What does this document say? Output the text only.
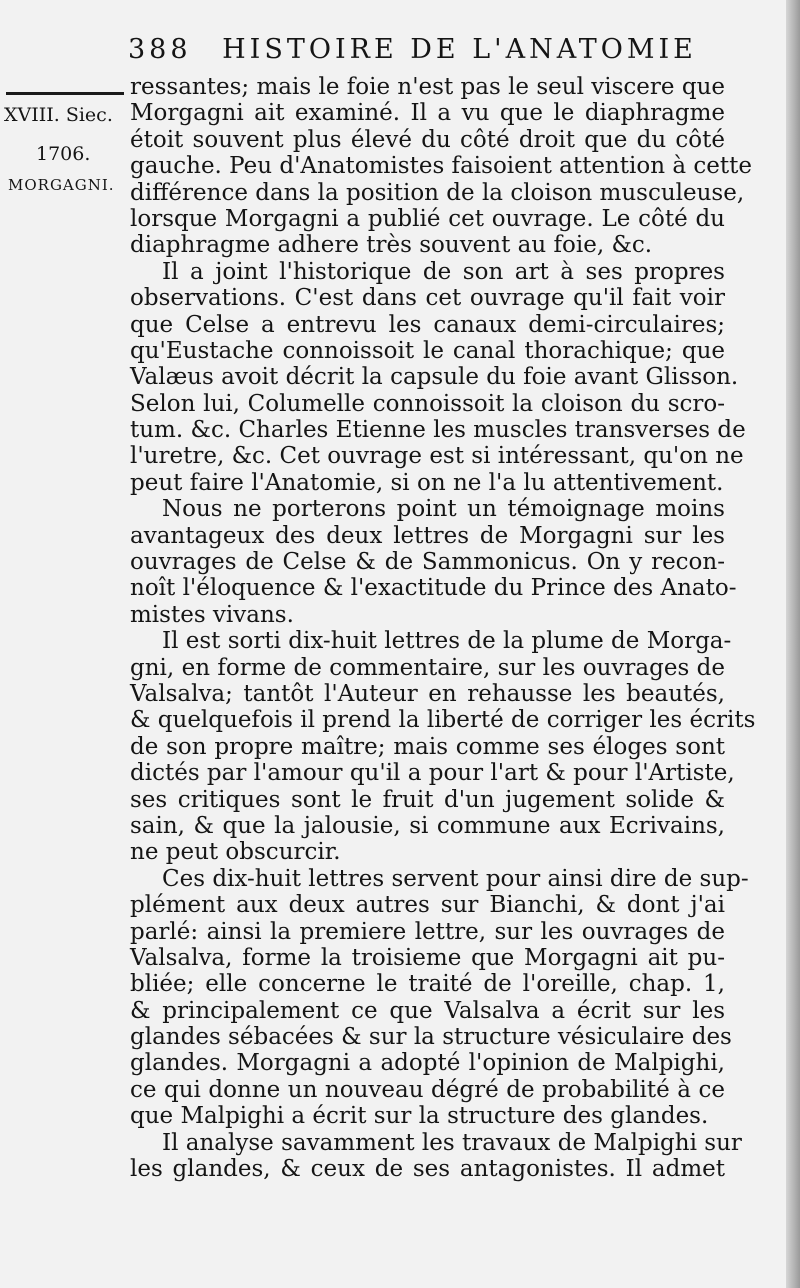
388 HISTOIRE DE L'ANATOMIE
XVIII. Siec.
1706.
MORGAGNI.
ressantes; mais le foie n'est pas le seul viscere que
Morgagni ait examiné. Il a vu que le diaphragme
étoit souvent plus élevé du côté droit que du côté
gauche. Peu d'Anatomistes faisoient attention à cette
différence dans la position de la cloison musculeuse,
lorsque Morgagni a publié cet ouvrage. Le côté du
diaphragme adhere très souvent au foie, &c.
Il a joint l'historique de son art à ses propres
observations. C'est dans cet ouvrage qu'il fait voir
que Celse a entrevu les canaux demi-circulaires;
qu'Eustache connoissoit le canal thorachique; que
Valæus avoit décrit la capsule du foie avant Glisson.
Selon lui, Columelle connoissoit la cloison du scro-
tum. &c. Charles Etienne les muscles transverses de
l'uretre, &c. Cet ouvrage est si intéressant, qu'on ne
peut faire l'Anatomie, si on ne l'a lu attentivement.
Nous ne porterons point un témoignage moins
avantageux des deux lettres de Morgagni sur les
ouvrages de Celse & de Sammonicus. On y recon-
noît l'éloquence & l'exactitude du Prince des Anato-
mistes vivans.
Il est sorti dix-huit lettres de la plume de Morga-
gni, en forme de commentaire, sur les ouvrages de
Valsalva; tantôt l'Auteur en rehausse les beautés,
& quelquefois il prend la liberté de corriger les écrits
de son propre maître; mais comme ses éloges sont
dictés par l'amour qu'il a pour l'art & pour l'Artiste,
ses critiques sont le fruit d'un jugement solide &
sain, & que la jalousie, si commune aux Ecrivains,
ne peut obscurcir.
Ces dix-huit lettres servent pour ainsi dire de sup-
plément aux deux autres sur Bianchi, & dont j'ai
parlé: ainsi la premiere lettre, sur les ouvrages de
Valsalva, forme la troisieme que Morgagni ait pu-
bliée; elle concerne le traité de l'oreille, chap. 1,
& principalement ce que Valsalva a écrit sur les
glandes sébacées & sur la structure vésiculaire des
glandes. Morgagni a adopté l'opinion de Malpighi,
ce qui donne un nouveau dégré de probabilité à ce
que Malpighi a écrit sur la structure des glandes.
Il analyse savamment les travaux de Malpighi sur
les glandes, & ceux de ses antagonistes. Il admet
